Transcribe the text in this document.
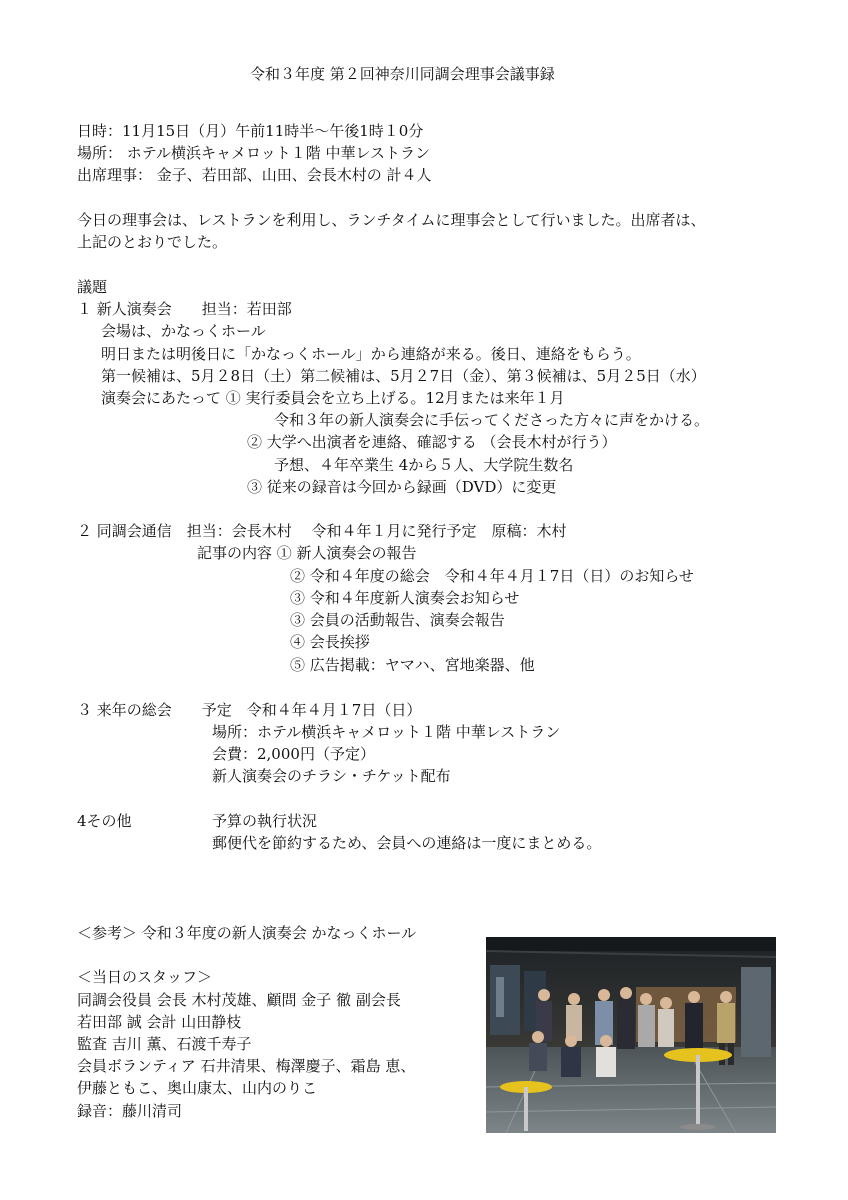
令和３年度 第２回神奈川同調会理事会議事録
日時：11月15日（月）午前11時半～午後1時１0分
場所： ホテル横浜キャメロット１階 中華レストラン
出席理事： 金子、若田部、山田、会長木村の 計４人
今日の理事会は、レストランを利用し、ランチタイムに理事会として行いました。出席者は、
上記のとおりでした。
議題
１ 新人演奏会　　担当：若田部
会場は、かなっくホール
明日または明後日に「かなっくホール」から連絡が来る。後日、連絡をもらう。
第一候補は、5月２8日（土）第二候補は、5月２7日（金）、第３候補は、5月２5日（水）
演奏会にあたって ① 実行委員会を立ち上げる。12月または来年１月
令和３年の新人演奏会に手伝ってくださった方々に声をかける。
② 大学へ出演者を連絡、確認する （会長木村が行う）
予想、４年卒業生 4から５人、大学院生数名
③ 従来の録音は今回から録画（DVD）に変更
２ 同調会通信　担当：会長木村　 令和４年１月に発行予定　原稿：木村
記事の内容 ① 新人演奏会の報告
② 令和４年度の総会　令和４年４月１7日（日）のお知らせ
③ 令和４年度新人演奏会お知らせ
③ 会員の活動報告、演奏会報告
④ 会長挨拶
⑤ 広告掲載：ヤマハ、宮地楽器、他
３ 来年の総会　　予定　令和４年４月１7日（日）
場所：ホテル横浜キャメロット１階 中華レストラン
会費：2,000円（予定）
新人演奏会のチラシ・チケット配布
4その他	予算の執行状況
郵便代を節約するため、会員への連絡は一度にまとめる。
＜参考＞ 令和３年度の新人演奏会 かなっくホール
＜当日のスタッフ＞
同調会役員 会長 木村茂雄、顧問 金子 徹 副会長
若田部 誠 会計 山田静枝
監査 吉川 薫、石渡千寿子
会員ボランティア 石井清果、梅澤慶子、霜島 恵、
伊藤ともこ、奥山康太、山内のりこ
録音：藤川清司
